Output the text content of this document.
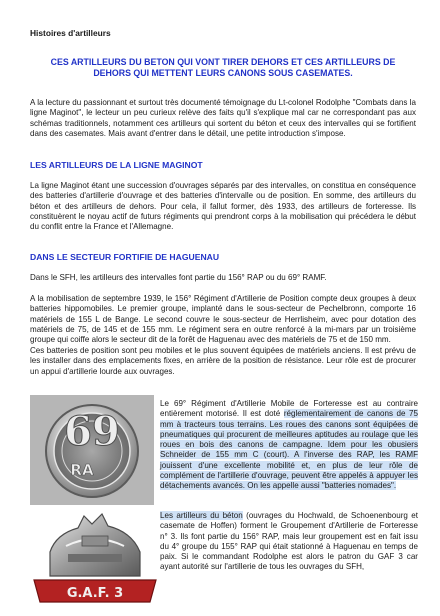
Histoires d'artilleurs

CES ARTILLEURS DU BETON QUI VONT TIRER DEHORS ET CES ARTILLEURS DE DEHORS QUI METTENT LEURS CANONS SOUS CASEMATES.

A la lecture du passionnant et surtout très documenté témoignage du Lt-colonel Rodolphe "Combats dans la ligne Maginot", le lecteur un peu curieux relève des faits qu'il s'explique mal car ne correspondant pas aux schémas traditionnels, notamment ces artilleurs qui sortent du béton et ceux des intervalles qui se fortifient dans des casemates. Mais avant d'entrer dans le détail, une petite introduction s'impose.

LES ARTILLEURS DE LA LIGNE MAGINOT

La ligne Maginot étant une succession d'ouvrages séparés par des intervalles, on constitua en conséquence des batteries d'artillerie d'ouvrage et des batteries d'intervalle ou de position. En somme, des artilleurs du béton et des artilleurs de dehors. Pour cela, il fallut former, dès 1933, des artilleurs de forteresse. Ils constituèrent le noyau actif de futurs régiments qui prendront corps à la mobilisation qui précédera le début du conflit entre la France et l'Allemagne.

DANS LE SECTEUR FORTIFIE DE HAGUENAU

Dans le SFH, les artilleurs des intervalles font partie du 156° RAP ou du 69° RAMF.

A la mobilisation de septembre 1939, le 156° Régiment d'Artillerie de Position compte deux groupes à deux batteries hippomobiles. Le premier groupe, implanté dans le sous-secteur de Pechelbronn, comporte 16 matériels de 155 L de Bange. Le second couvre le sous-secteur de Herrlisheim, avec pour dotation des matériels de 75, de 145 et de 155 mm. Le régiment sera en outre renforcé à la mi-mars par un troisième groupe qui coiffe alors le secteur dit de la forêt de Haguenau avec des matériels de 75 et de 150 mm.

Ces batteries de position sont peu mobiles et le plus souvent équipées de matériels anciens. Il est prévu de les installer dans des emplacements fixes, en arrière de la position de résistance. Leur rôle est de procurer un appui d'artillerie lourde aux ouvrages.

69
RA

Le 69° Régiment d'Artillerie Mobile de Forteresse est au contraire entièrement motorisé. Il est doté réglementairement de canons de 75 mm à tracteurs tous terrains. Les roues des canons sont équipées de pneumatiques qui procurent de meilleures aptitudes au roulage que les roues en bois des canons de campagne. Idem pour les obusiers Schneider de 155 mm C (court). A l'inverse des RAP, les RAMF jouissent d'une excellente mobilité et, en plus de leur rôle de complément de l'artillerie d'ouvrage, peuvent être appelés à appuyer les détachements avancés. On les appelle aussi "batteries nomades".

G.A.F. 3

Les artilleurs du béton (ouvrages du Hochwald, de Schoenenbourg et casemate de Hoffen) forment le Groupement d'Artillerie de Forteresse n° 3. Ils font partie du 156° RAP, mais leur groupement est en fait issu du 4° groupe du 155° RAP qui était stationné à Haguenau en temps de paix. Si le commandant Rodolphe est alors le patron du GAF 3 car ayant autorité sur l'artillerie de tous les ouvrages du SFH,
